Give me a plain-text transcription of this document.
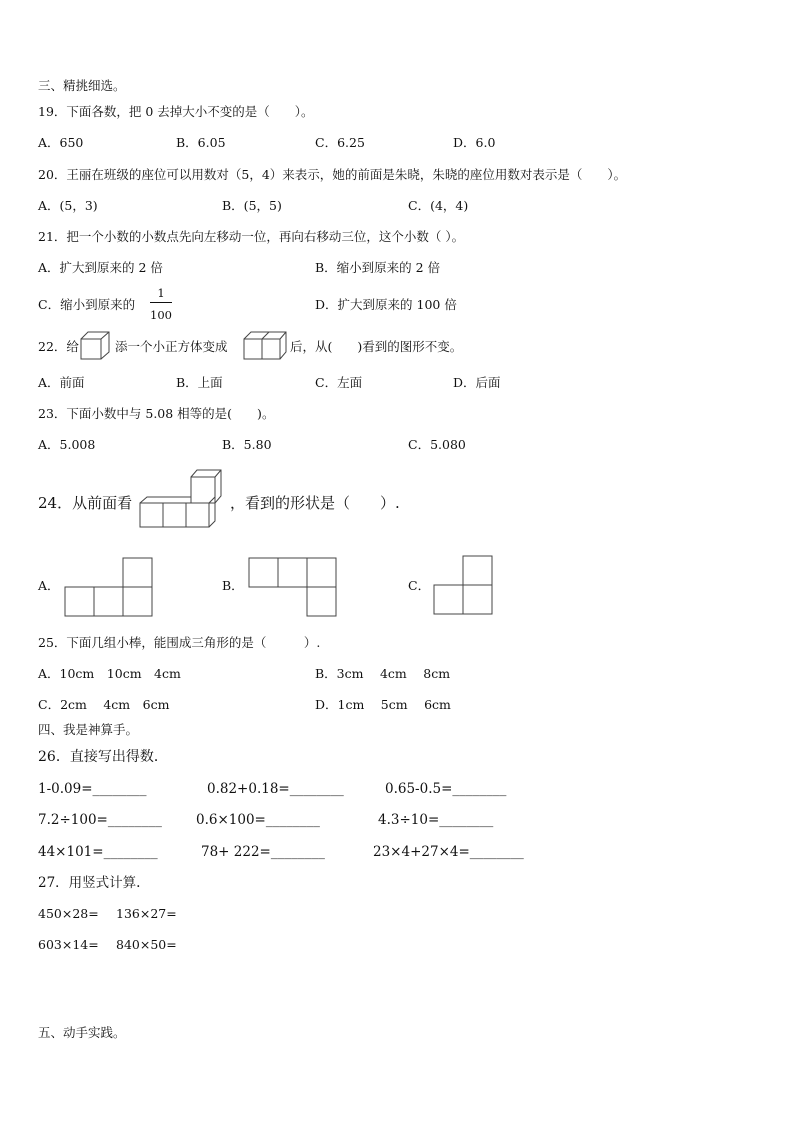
三、精挑细选。
19．下面各数，把 0 去掉大小不变的是（　　）。
A．650	B．6.05	C．6.25	D．6.0
20．王丽在班级的座位可以用数对（5，4）来表示，她的前面是朱晓，朱晓的座位用数对表示是（　　）。
A．(5，3)	B．(5，5)	C．(4，4)
21．把一个小数的小数点先向左移动一位，再向右移动三位，这个小数（ ）。
A．扩大到原来的 2 倍	B．缩小到原来的 2 倍
C．缩小到原来的
1
100
D．扩大到原来的 100 倍
22．给	添一个小正方体变成	后，从(　　)看到的图形不变。
A．前面	B．上面	C．左面	D．后面
23．下面小数中与 5.08 相等的是(　　)。
A．5.008	B．5.80	C．5.080
24．从前面看	，看到的形状是（　　）.
A．	B．	C．
25．下面几组小棒，能围成三角形的是（　　　）.
A．10cm　10cm　4cm	B．3cm　 4cm　 8cm
C．2cm　 4cm　6cm	D．1cm　 5cm　 6cm
四、我是神算手。
26．直接写出得数．
1-0.09=________	0.82+0.18=________	0.65-0.5=________
7.2÷100=________	0.6×100=________	4.3÷10=________
44×101=________	78+ 222=________	23×4+27×4=________
27．用竖式计算.
450×28= 136×27=
603×14= 840×50=
五、动手实践。
